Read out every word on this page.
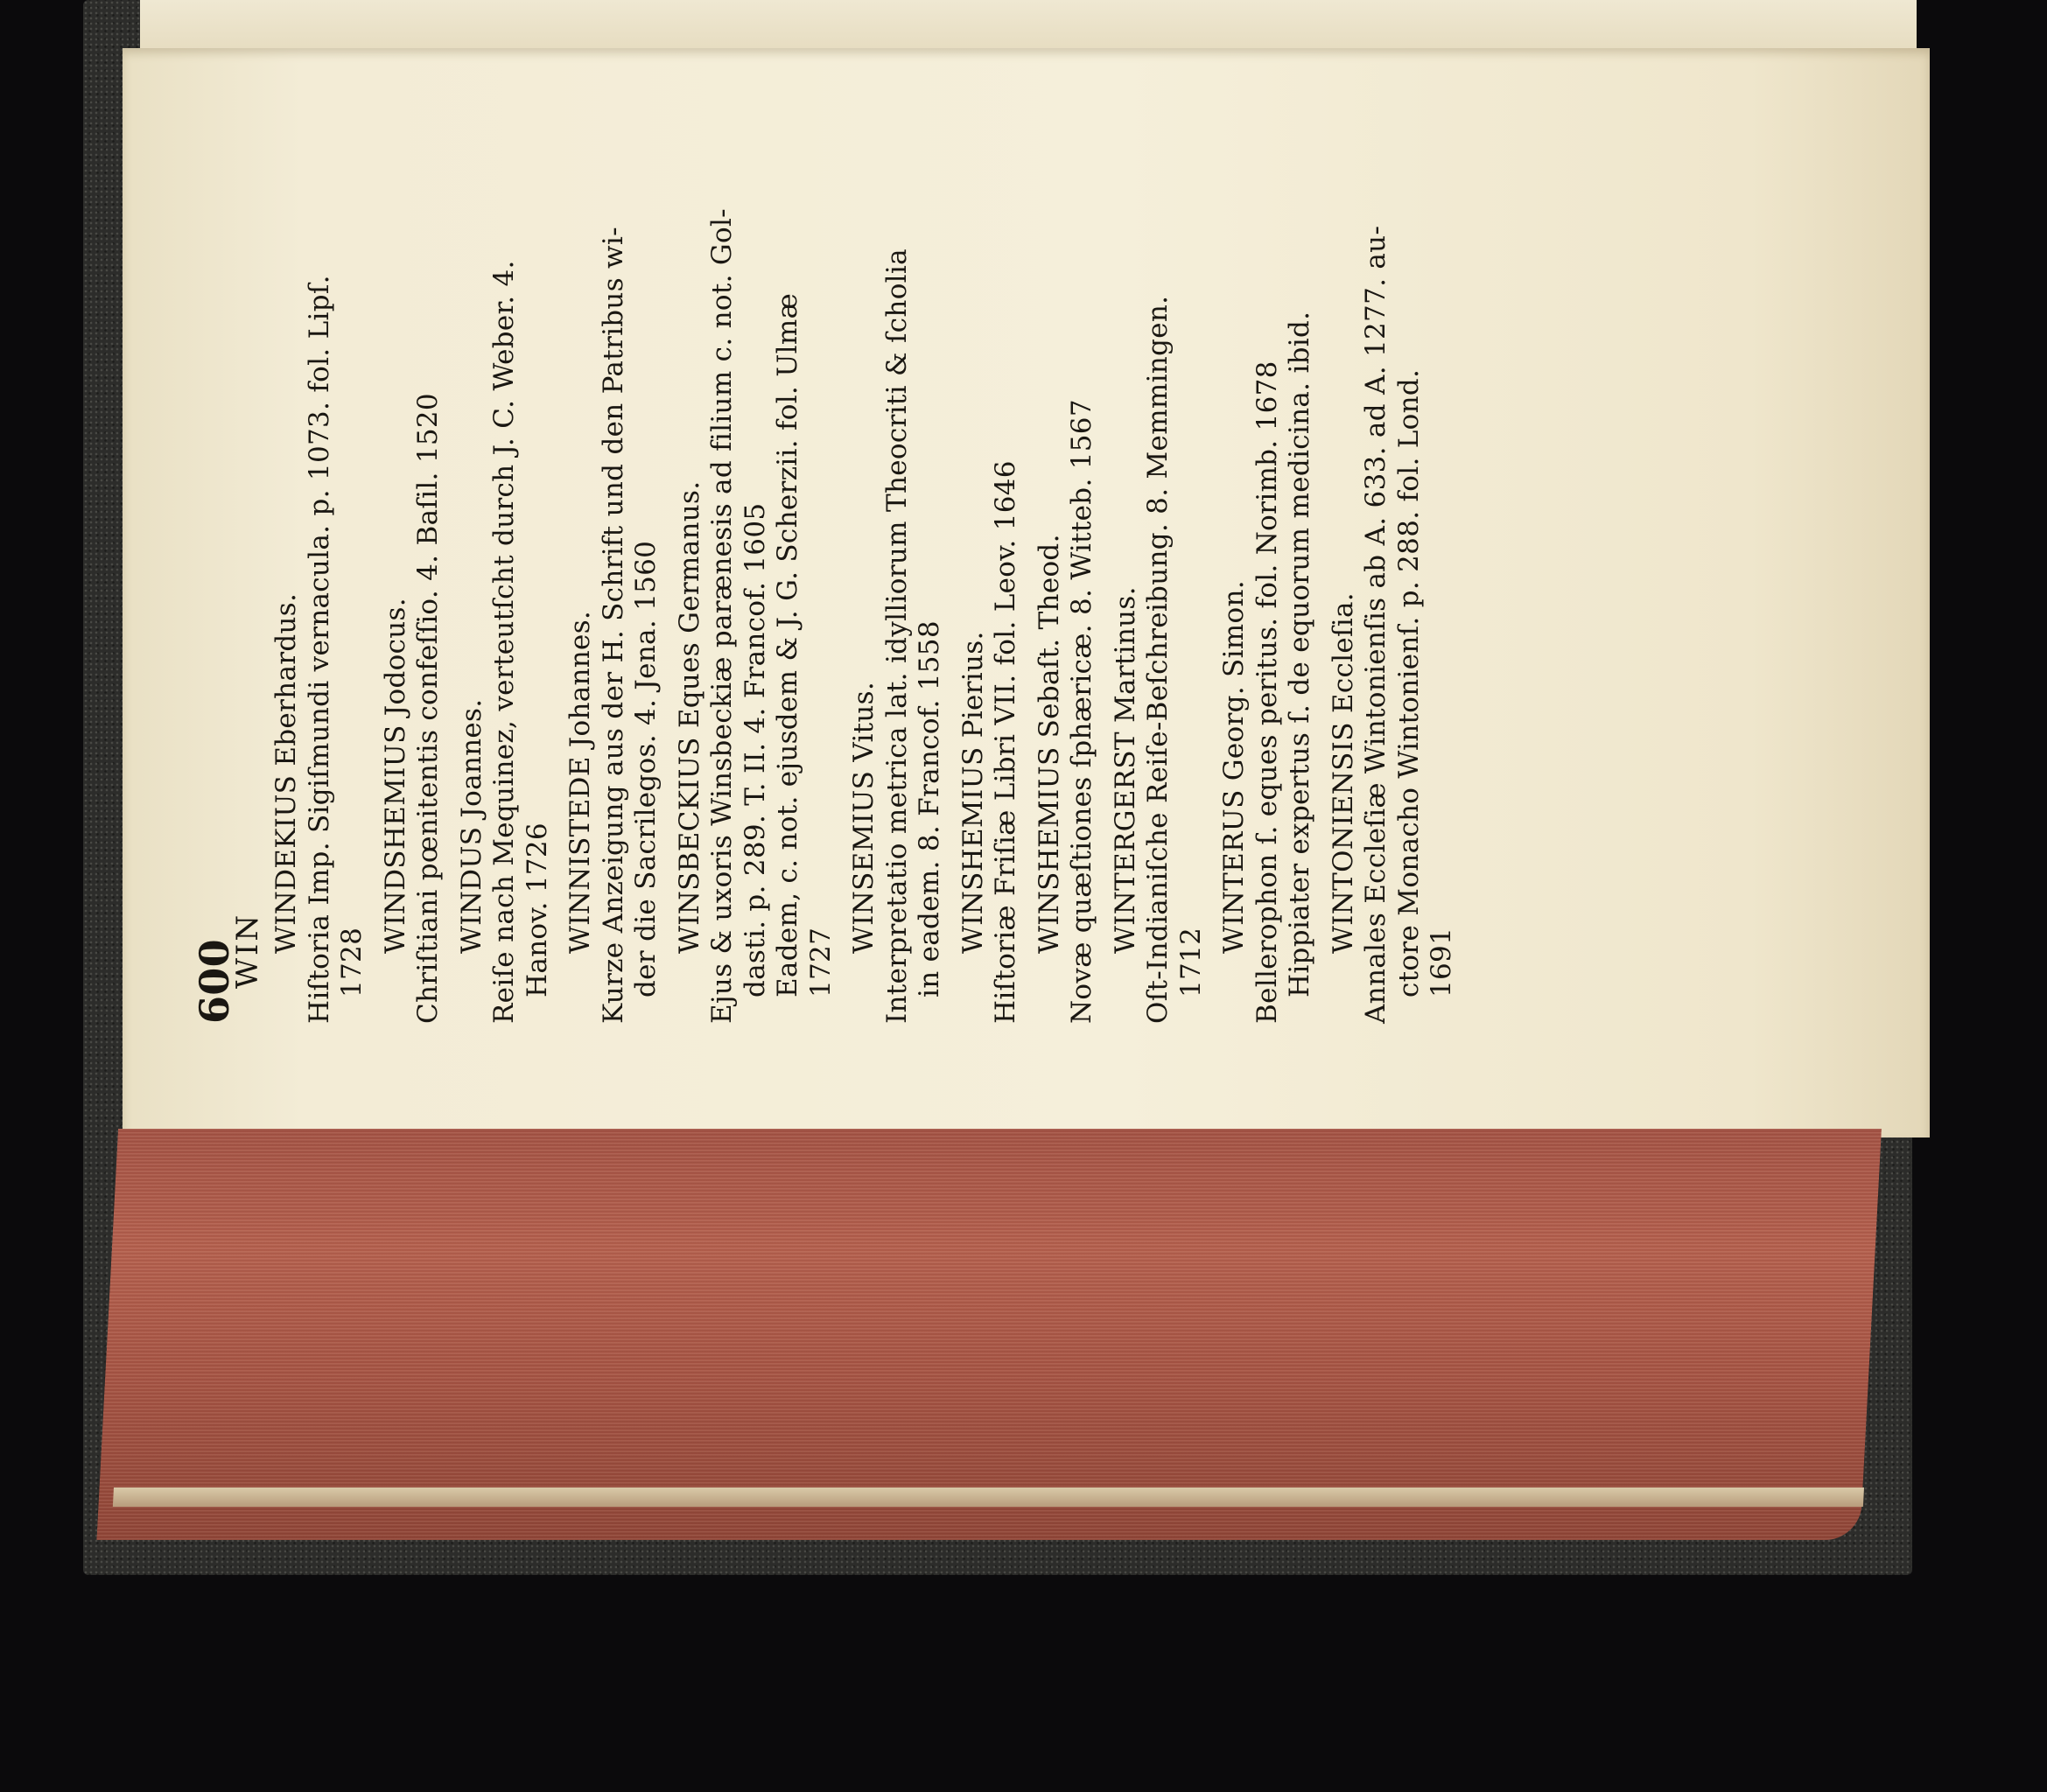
600
WIN WINDEKIUS Eberhardus. Hiſtoria Imp. Sigiſmundi vernacula. p. 1073. fol. Lipſ. 1728
WINDSHEMIUS Jodocus. Chriſtiani pœnitentis confeſſio. 4. Baſil. 1520 WINDUS Joannes. Reiſe nach Mequinez, verteutſcht durch J. C. Weber. 4. Hanov. 1726 WINNISTEDE Johannes. Kurze Anzeigung aus der H. Schrift und den Patribus wi- der die Sacrilegos. 4. Jena. 1560 WINSBECKIUS Eques Germanus. Ejus & uxoris Winsbeckiæ parænesis ad filium c. not. Gol- dasti. p. 289. T. II. 4. Francof. 1605 Eadem, c. not. ejusdem & J. G. Scherzii. fol. Ulmæ 1727
WINSEMIUS Vitus. Interpretatio metrica lat. idylliorum Theocriti & ſcholia in eadem. 8. Francof. 1558 WINSHEMIUS Pierius. Hiſtoriæ Friſiæ Libri VII. fol. Leov. 1646 WINSHEMIUS Sebaſt. Theod. Novæ quæſtiones ſphæricæ. 8. Witteb. 1567 WINTERGERST Martinus. Oſt-Indianiſche Reiſe-Beſchreibung. 8. Memmingen. 1712
WINTERUS Georg. Simon. Bellerophon ſ. eques peritus. fol. Norimb. 1678 Hippiater expertus ſ. de equorum medicina. ibid. WINTONIENSIS Eccleſia. Annales Eccleſiæ Wintonienſis ab A. 633. ad A. 1277. au- ctore Monacho Wintonienſ. p. 288. fol. Lond. 1691
